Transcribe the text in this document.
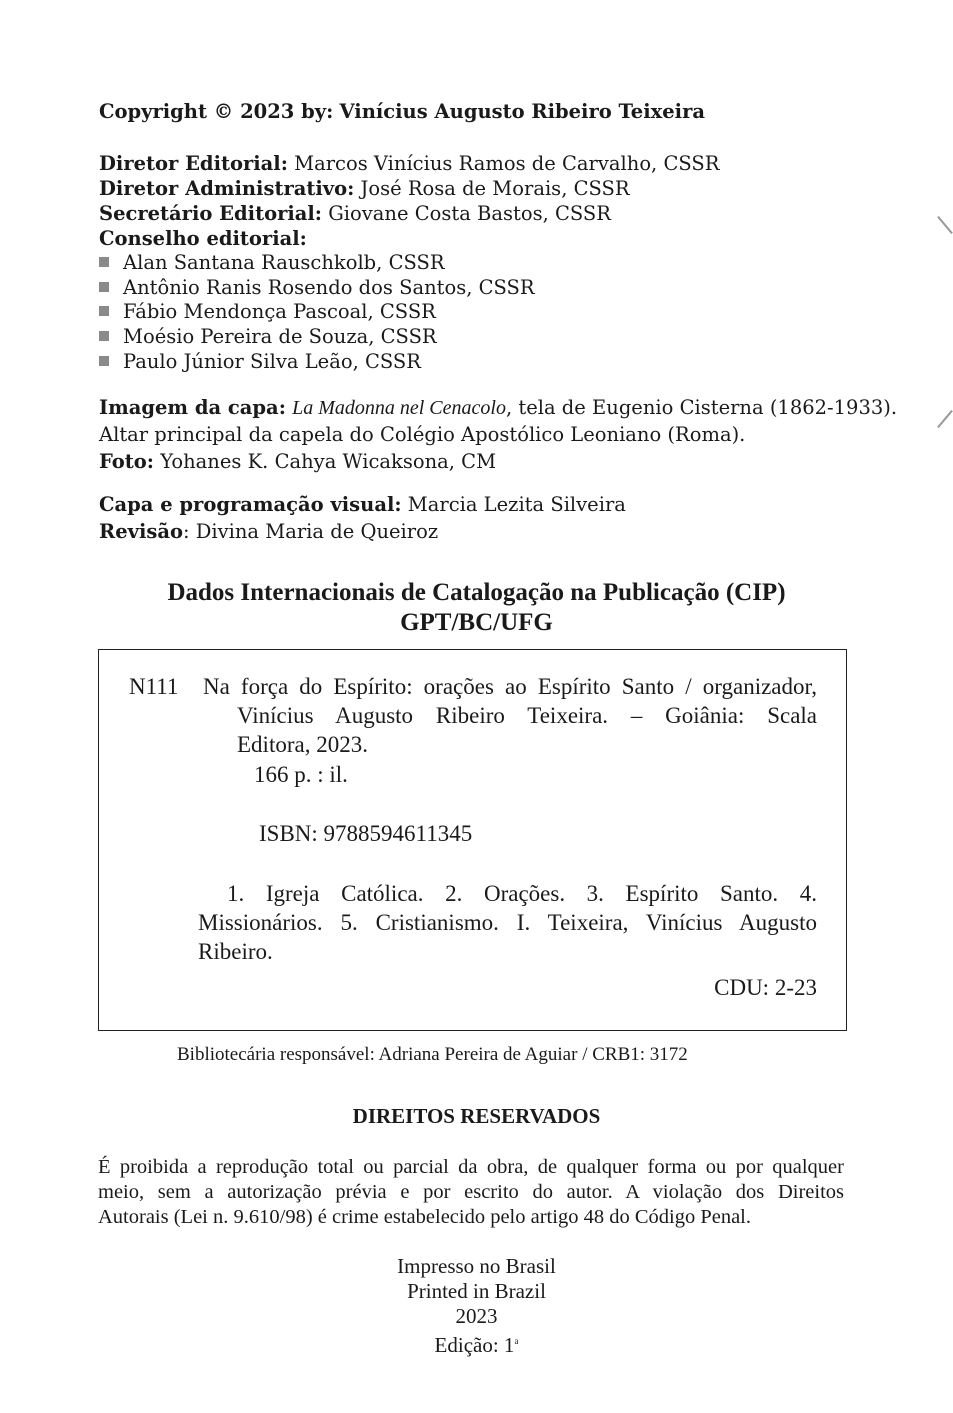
Copyright © 2023 by: Vinícius Augusto Ribeiro Teixeira
Diretor Editorial: Marcos Vinícius Ramos de Carvalho, CSSR
Diretor Administrativo: José Rosa de Morais, CSSR
Secretário Editorial: Giovane Costa Bastos, CSSR
Conselho editorial:
Alan Santana Rauschkolb, CSSR
Antônio Ranis Rosendo dos Santos, CSSR
Fábio Mendonça Pascoal, CSSR
Moésio Pereira de Souza, CSSR
Paulo Júnior Silva Leão, CSSR
Imagem da capa: La Madonna nel Cenacolo, tela de Eugenio Cisterna (1862-1933).
Altar principal da capela do Colégio Apostólico Leoniano (Roma).
Foto: Yohanes K. Cahya Wicaksona, CM
Capa e programação visual: Marcia Lezita Silveira
Revisão: Divina Maria de Queiroz
Dados Internacionais de Catalogação na Publicação (CIP)
GPT/BC/UFG
N111 Na força do Espírito: orações ao Espírito Santo / organizador,
Vinícius Augusto Ribeiro Teixeira. – Goiânia: Scala
Editora, 2023.
166 p. : il.
ISBN: 9788594611345
1. Igreja Católica. 2. Orações. 3. Espírito Santo. 4.
Missionários. 5. Cristianismo. I. Teixeira, Vinícius Augusto
Ribeiro.
CDU: 2-23
Bibliotecária responsável: Adriana Pereira de Aguiar / CRB1: 3172
DIREITOS RESERVADOS
É proibida a reprodução total ou parcial da obra, de qualquer forma ou por qualquer
meio, sem a autorização prévia e por escrito do autor. A violação dos Direitos
Autorais (Lei n. 9.610/98) é crime estabelecido pelo artigo 48 do Código Penal.
Impresso no Brasil
Printed in Brazil
2023
Edição: 1$^a$
